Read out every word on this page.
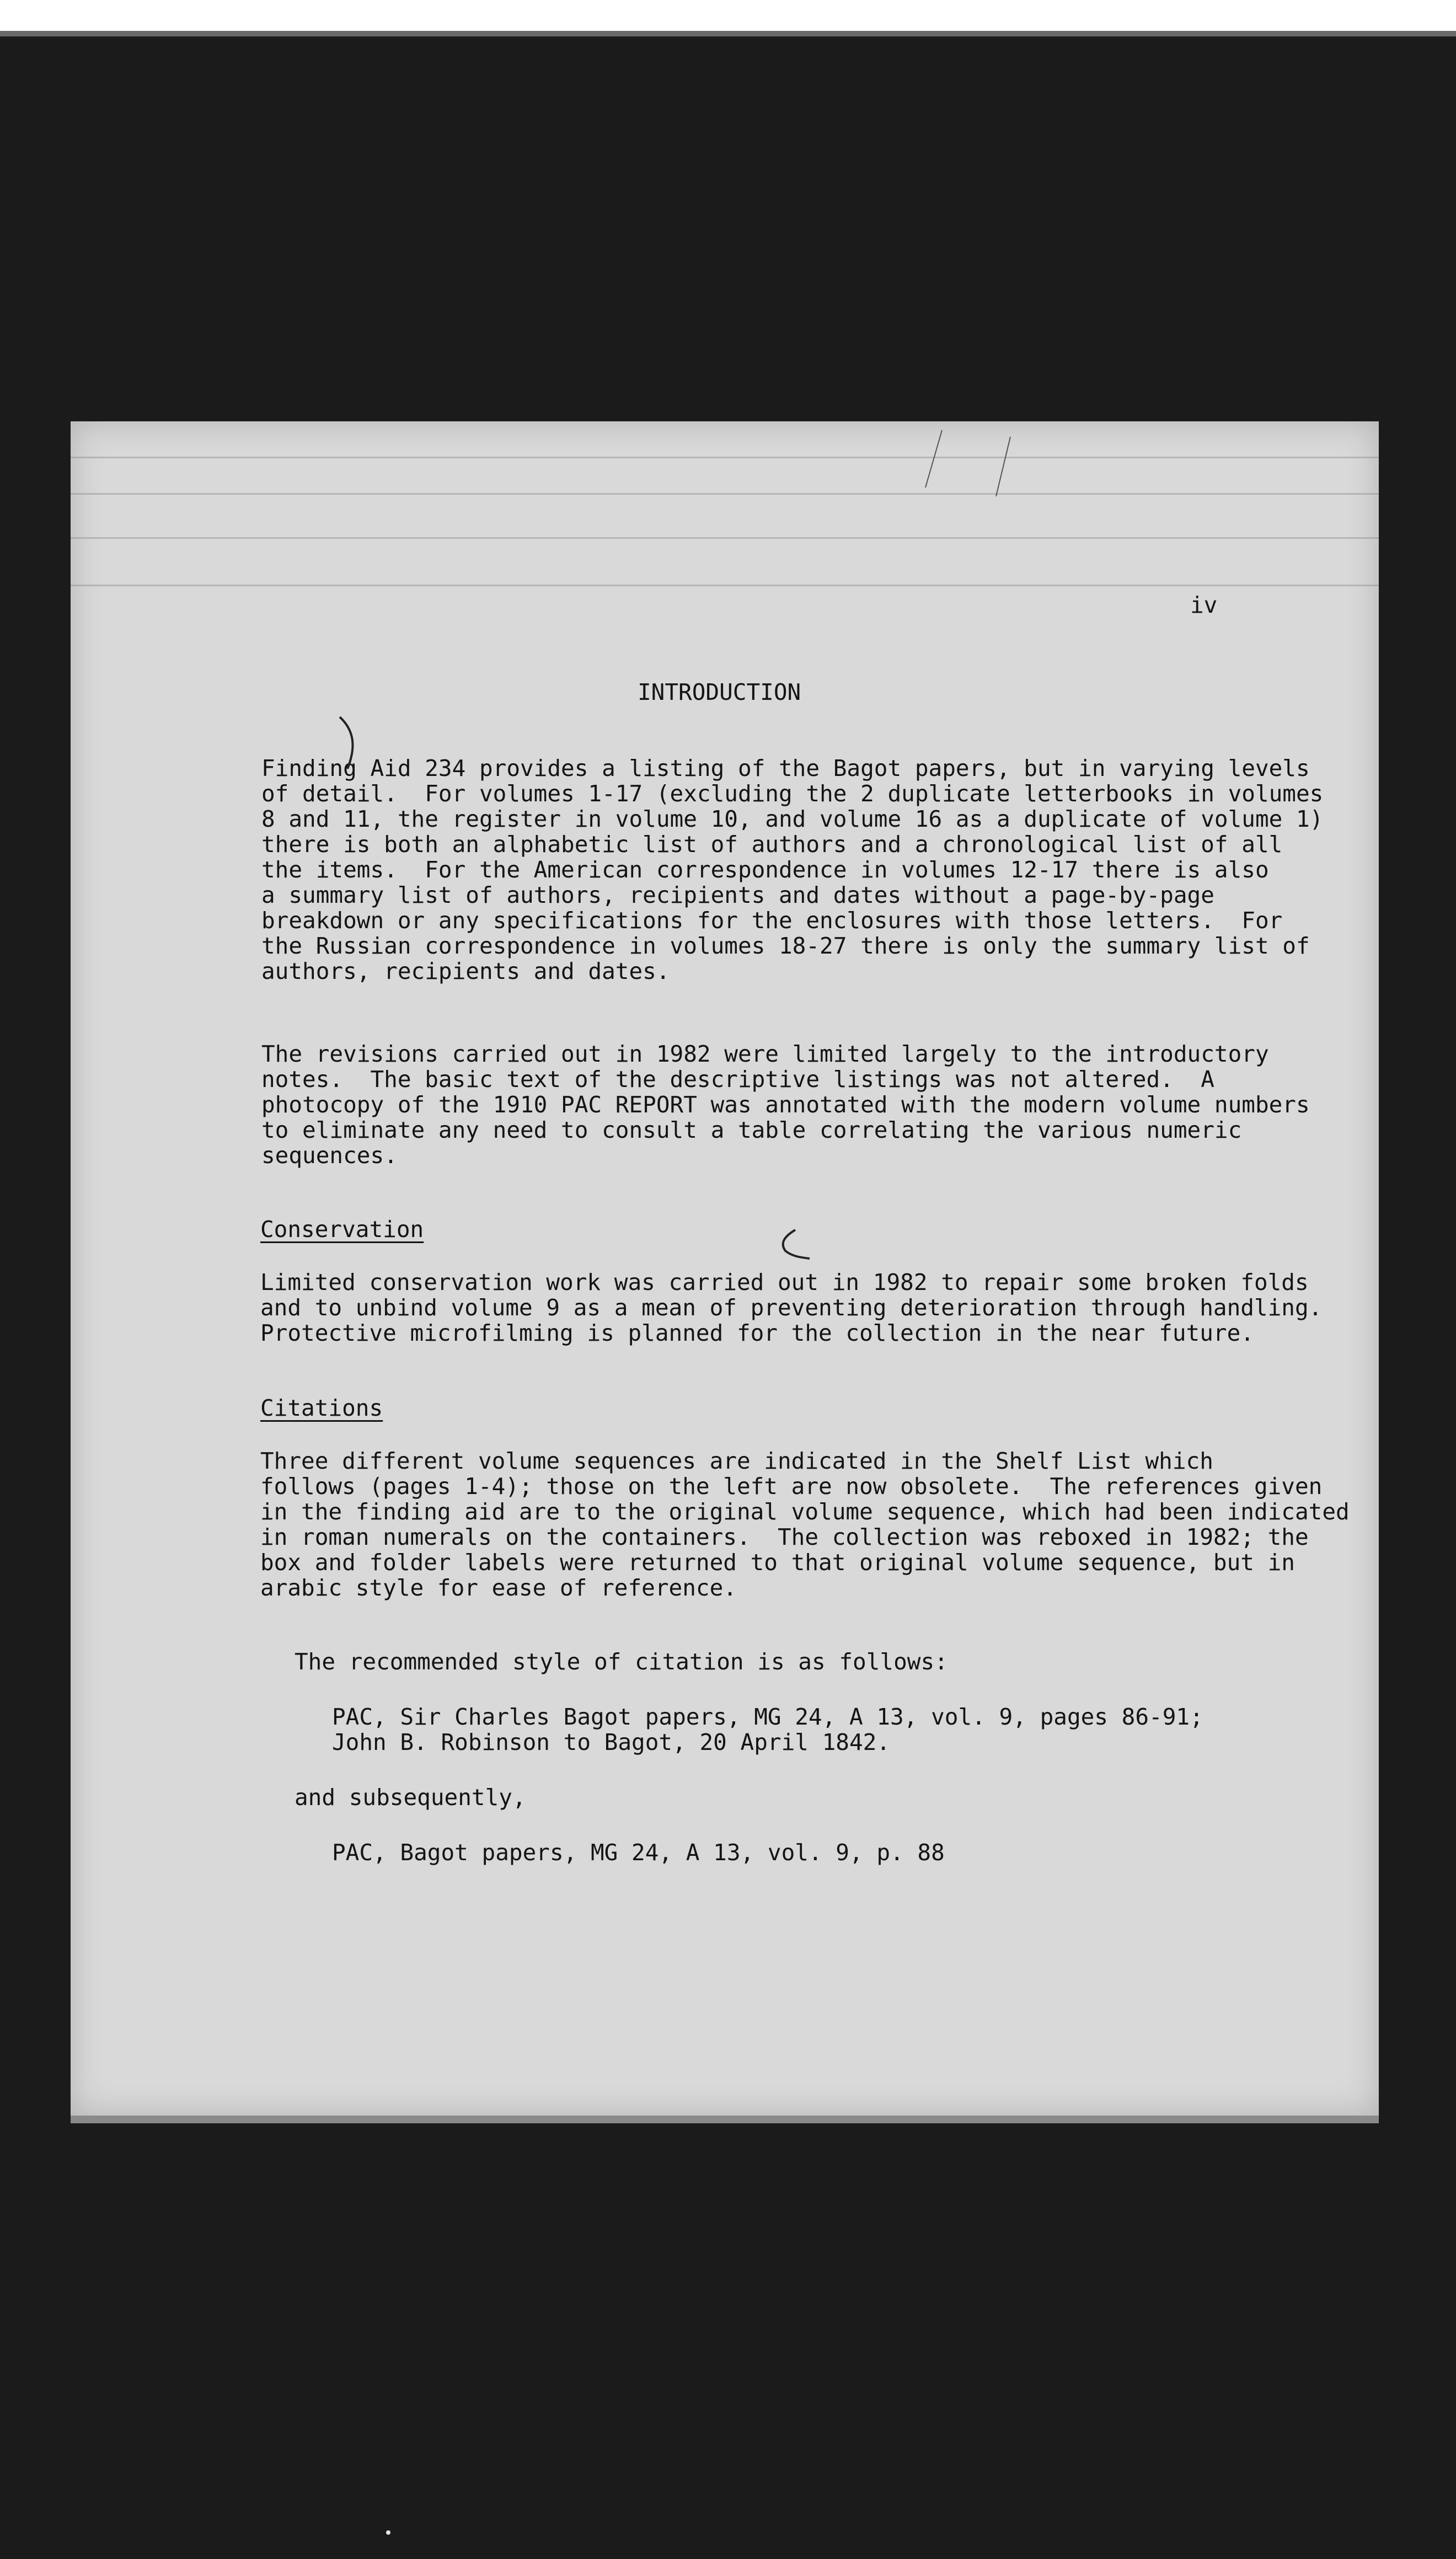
iv
INTRODUCTION
Finding Aid 234 provides a listing of the Bagot papers, but in varying levels
of detail.  For volumes 1-17 (excluding the 2 duplicate letterbooks in volumes
8 and 11, the register in volume 10, and volume 16 as a duplicate of volume 1)
there is both an alphabetic list of authors and a chronological list of all
the items.  For the American correspondence in volumes 12-17 there is also
a summary list of authors, recipients and dates without a page-by-page
breakdown or any specifications for the enclosures with those letters.  For
the Russian correspondence in volumes 18-27 there is only the summary list of
authors, recipients and dates.
The revisions carried out in 1982 were limited largely to the introductory
notes.  The basic text of the descriptive listings was not altered.  A
photocopy of the 1910 PAC REPORT was annotated with the modern volume numbers
to eliminate any need to consult a table correlating the various numeric
sequences.
Conservation
Limited conservation work was carried out in 1982 to repair some broken folds
and to unbind volume 9 as a mean of preventing deterioration through handling.
Protective microfilming is planned for the collection in the near future.
Citations
Three different volume sequences are indicated in the Shelf List which
follows (pages 1-4); those on the left are now obsolete.  The references given
in the finding aid are to the original volume sequence, which had been indicated
in roman numerals on the containers.  The collection was reboxed in 1982; the
box and folder labels were returned to that original volume sequence, but in
arabic style for ease of reference.
The recommended style of citation is as follows:
PAC, Sir Charles Bagot papers, MG 24, A 13, vol. 9, pages 86-91;
John B. Robinson to Bagot, 20 April 1842.
and subsequently,
PAC, Bagot papers, MG 24, A 13, vol. 9, p. 88
